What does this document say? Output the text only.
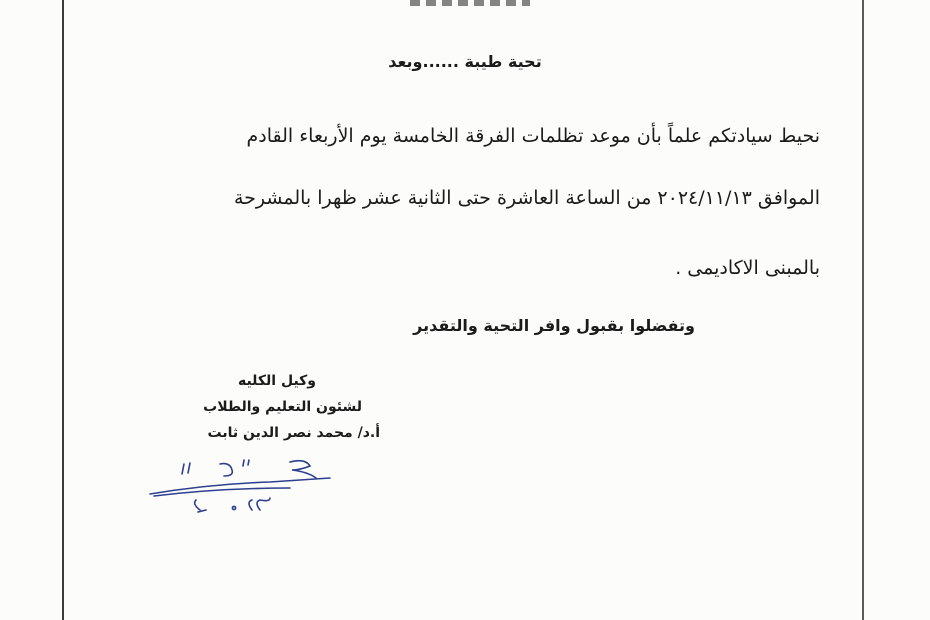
تحية طيبة ......وبعد
نحيط سيادتكم علماً بأن موعد تظلمات الفرقة الخامسة يوم الأربعاء القادم
الموافق ٢٠٢٤/١١/١٣ من الساعة العاشرة حتى الثانية عشر ظهرا بالمشرحة
بالمبنى الاكاديمى .
وتفضلوا بقبول وافر التحية والتقدير
وكيل الكليه
لشئون التعليم والطلاب
أ.د/ محمد نصر الدين ثابت
